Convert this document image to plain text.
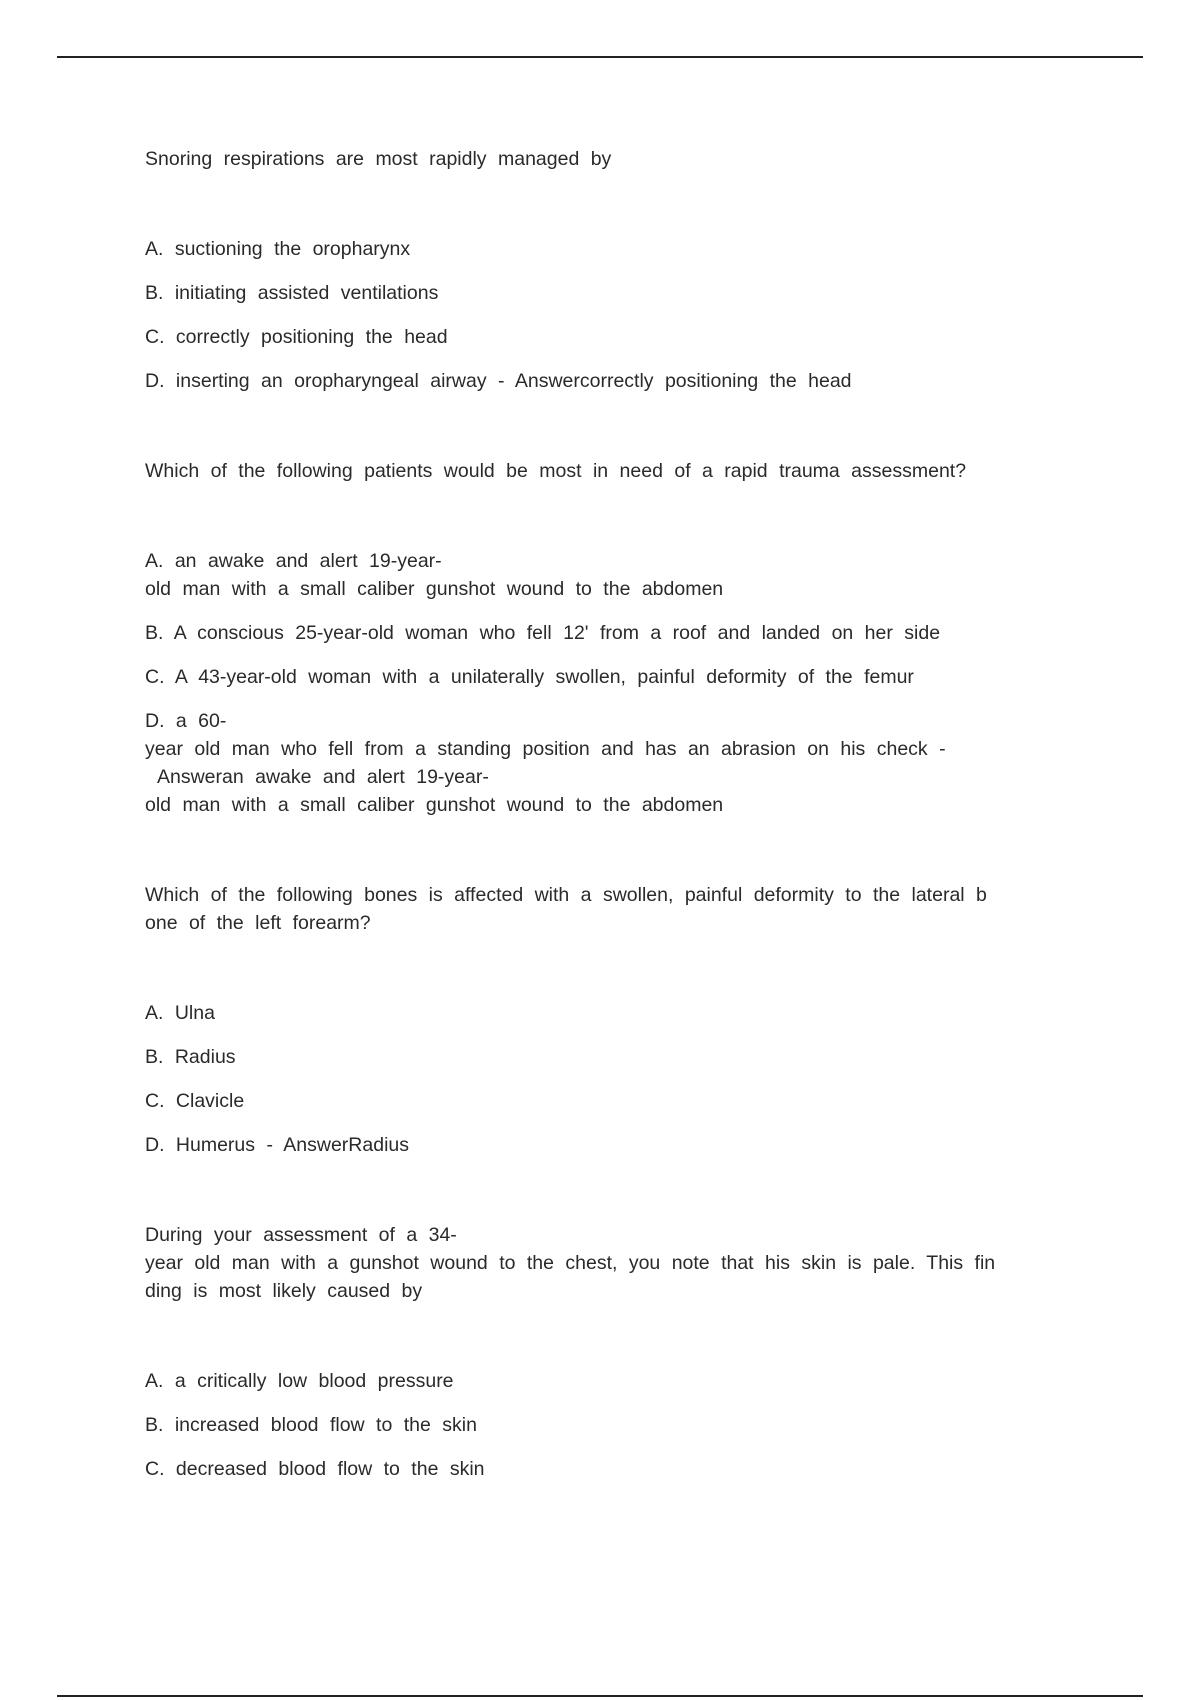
Snoring respirations are most rapidly managed by
A. suctioning the oropharynx
B. initiating assisted ventilations
C. correctly positioning the head
D. inserting an oropharyngeal airway - Answercorrectly positioning the head
Which of the following patients would be most in need of a rapid trauma assessment?
A. an awake and alert 19-year-
old man with a small caliber gunshot wound to the abdomen
B. A conscious 25-year-old woman who fell 12' from a roof and landed on her side
C. A 43-year-old woman with a unilaterally swollen, painful deformity of the femur
D. a 60-
year old man who fell from a standing position and has an abrasion on his check -
Answeran awake and alert 19-year-
old man with a small caliber gunshot wound to the abdomen
Which of the following bones is affected with a swollen, painful deformity to the lateral b
one of the left forearm?
A. Ulna
B. Radius
C. Clavicle
D. Humerus - AnswerRadius
During your assessment of a 34-
year old man with a gunshot wound to the chest, you note that his skin is pale. This fin
ding is most likely caused by
A. a critically low blood pressure
B. increased blood flow to the skin
C. decreased blood flow to the skin
